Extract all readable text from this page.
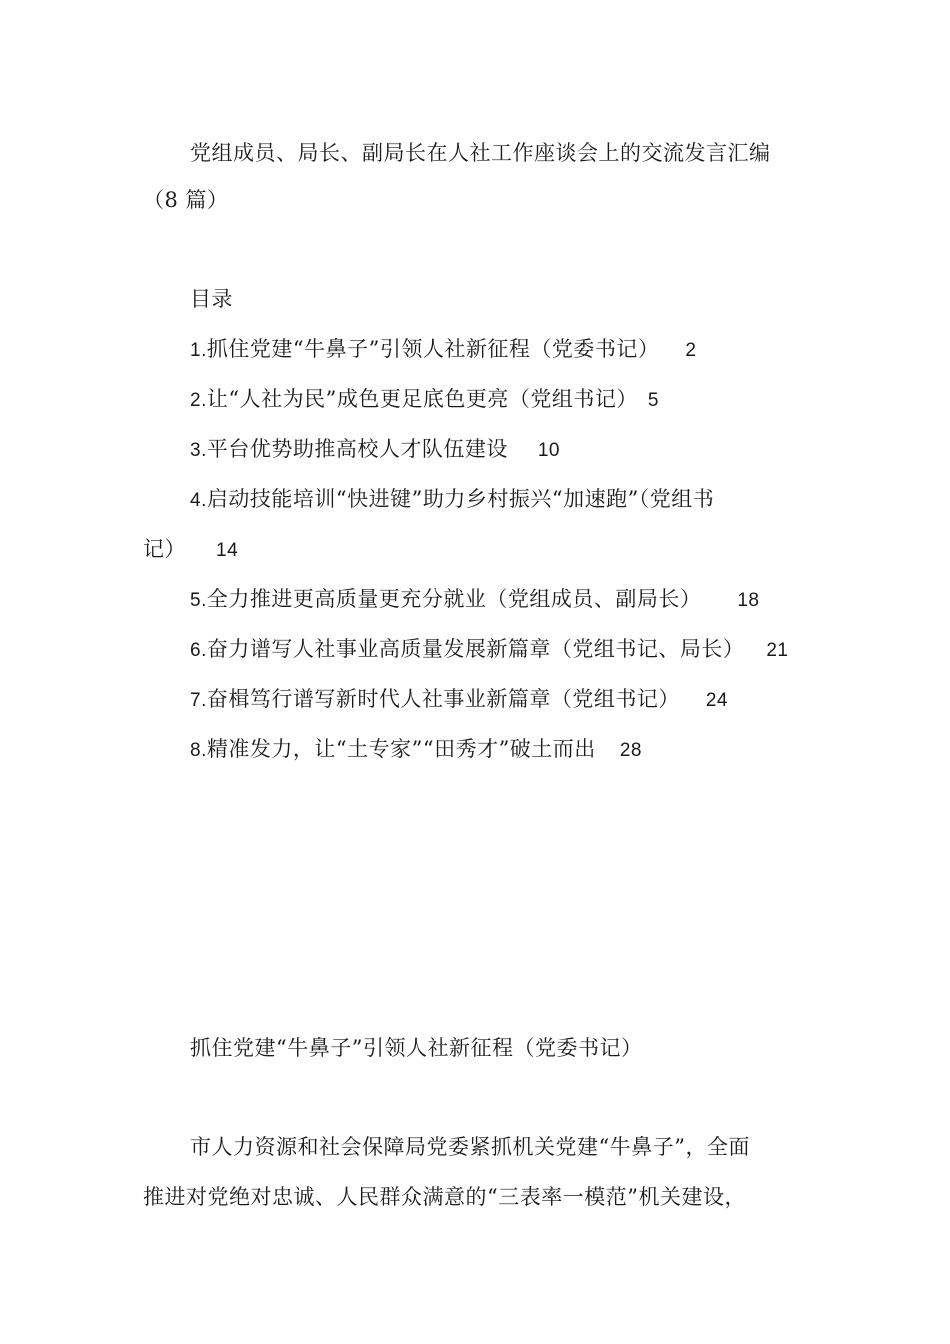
党组成员、局长、副局长在人社工作座谈会上的交流发言汇编
（8 篇）
目录
1.抓住党建“牛鼻子”引领人社新征程（党委书记） 2
2.让“人社为民”成色更足底色更亮（党组书记） 5
3.平台优势助推高校人才队伍建设 10
4.启动技能培训“快进键”助力乡村振兴“加速跑”（党组书
记） 14
5.全力推进更高质量更充分就业（党组成员、副局长） 18
6.奋力谱写人社事业高质量发展新篇章（党组书记、局长） 21
7.奋楫笃行谱写新时代人社事业新篇章（党组书记） 24
8.精准发力，让“土专家”“田秀才”破土而出 28
抓住党建“牛鼻子”引领人社新征程（党委书记）
市人力资源和社会保障局党委紧抓机关党建“牛鼻子”，全面
推进对党绝对忠诚、人民群众满意的“三表率一模范”机关建设，
